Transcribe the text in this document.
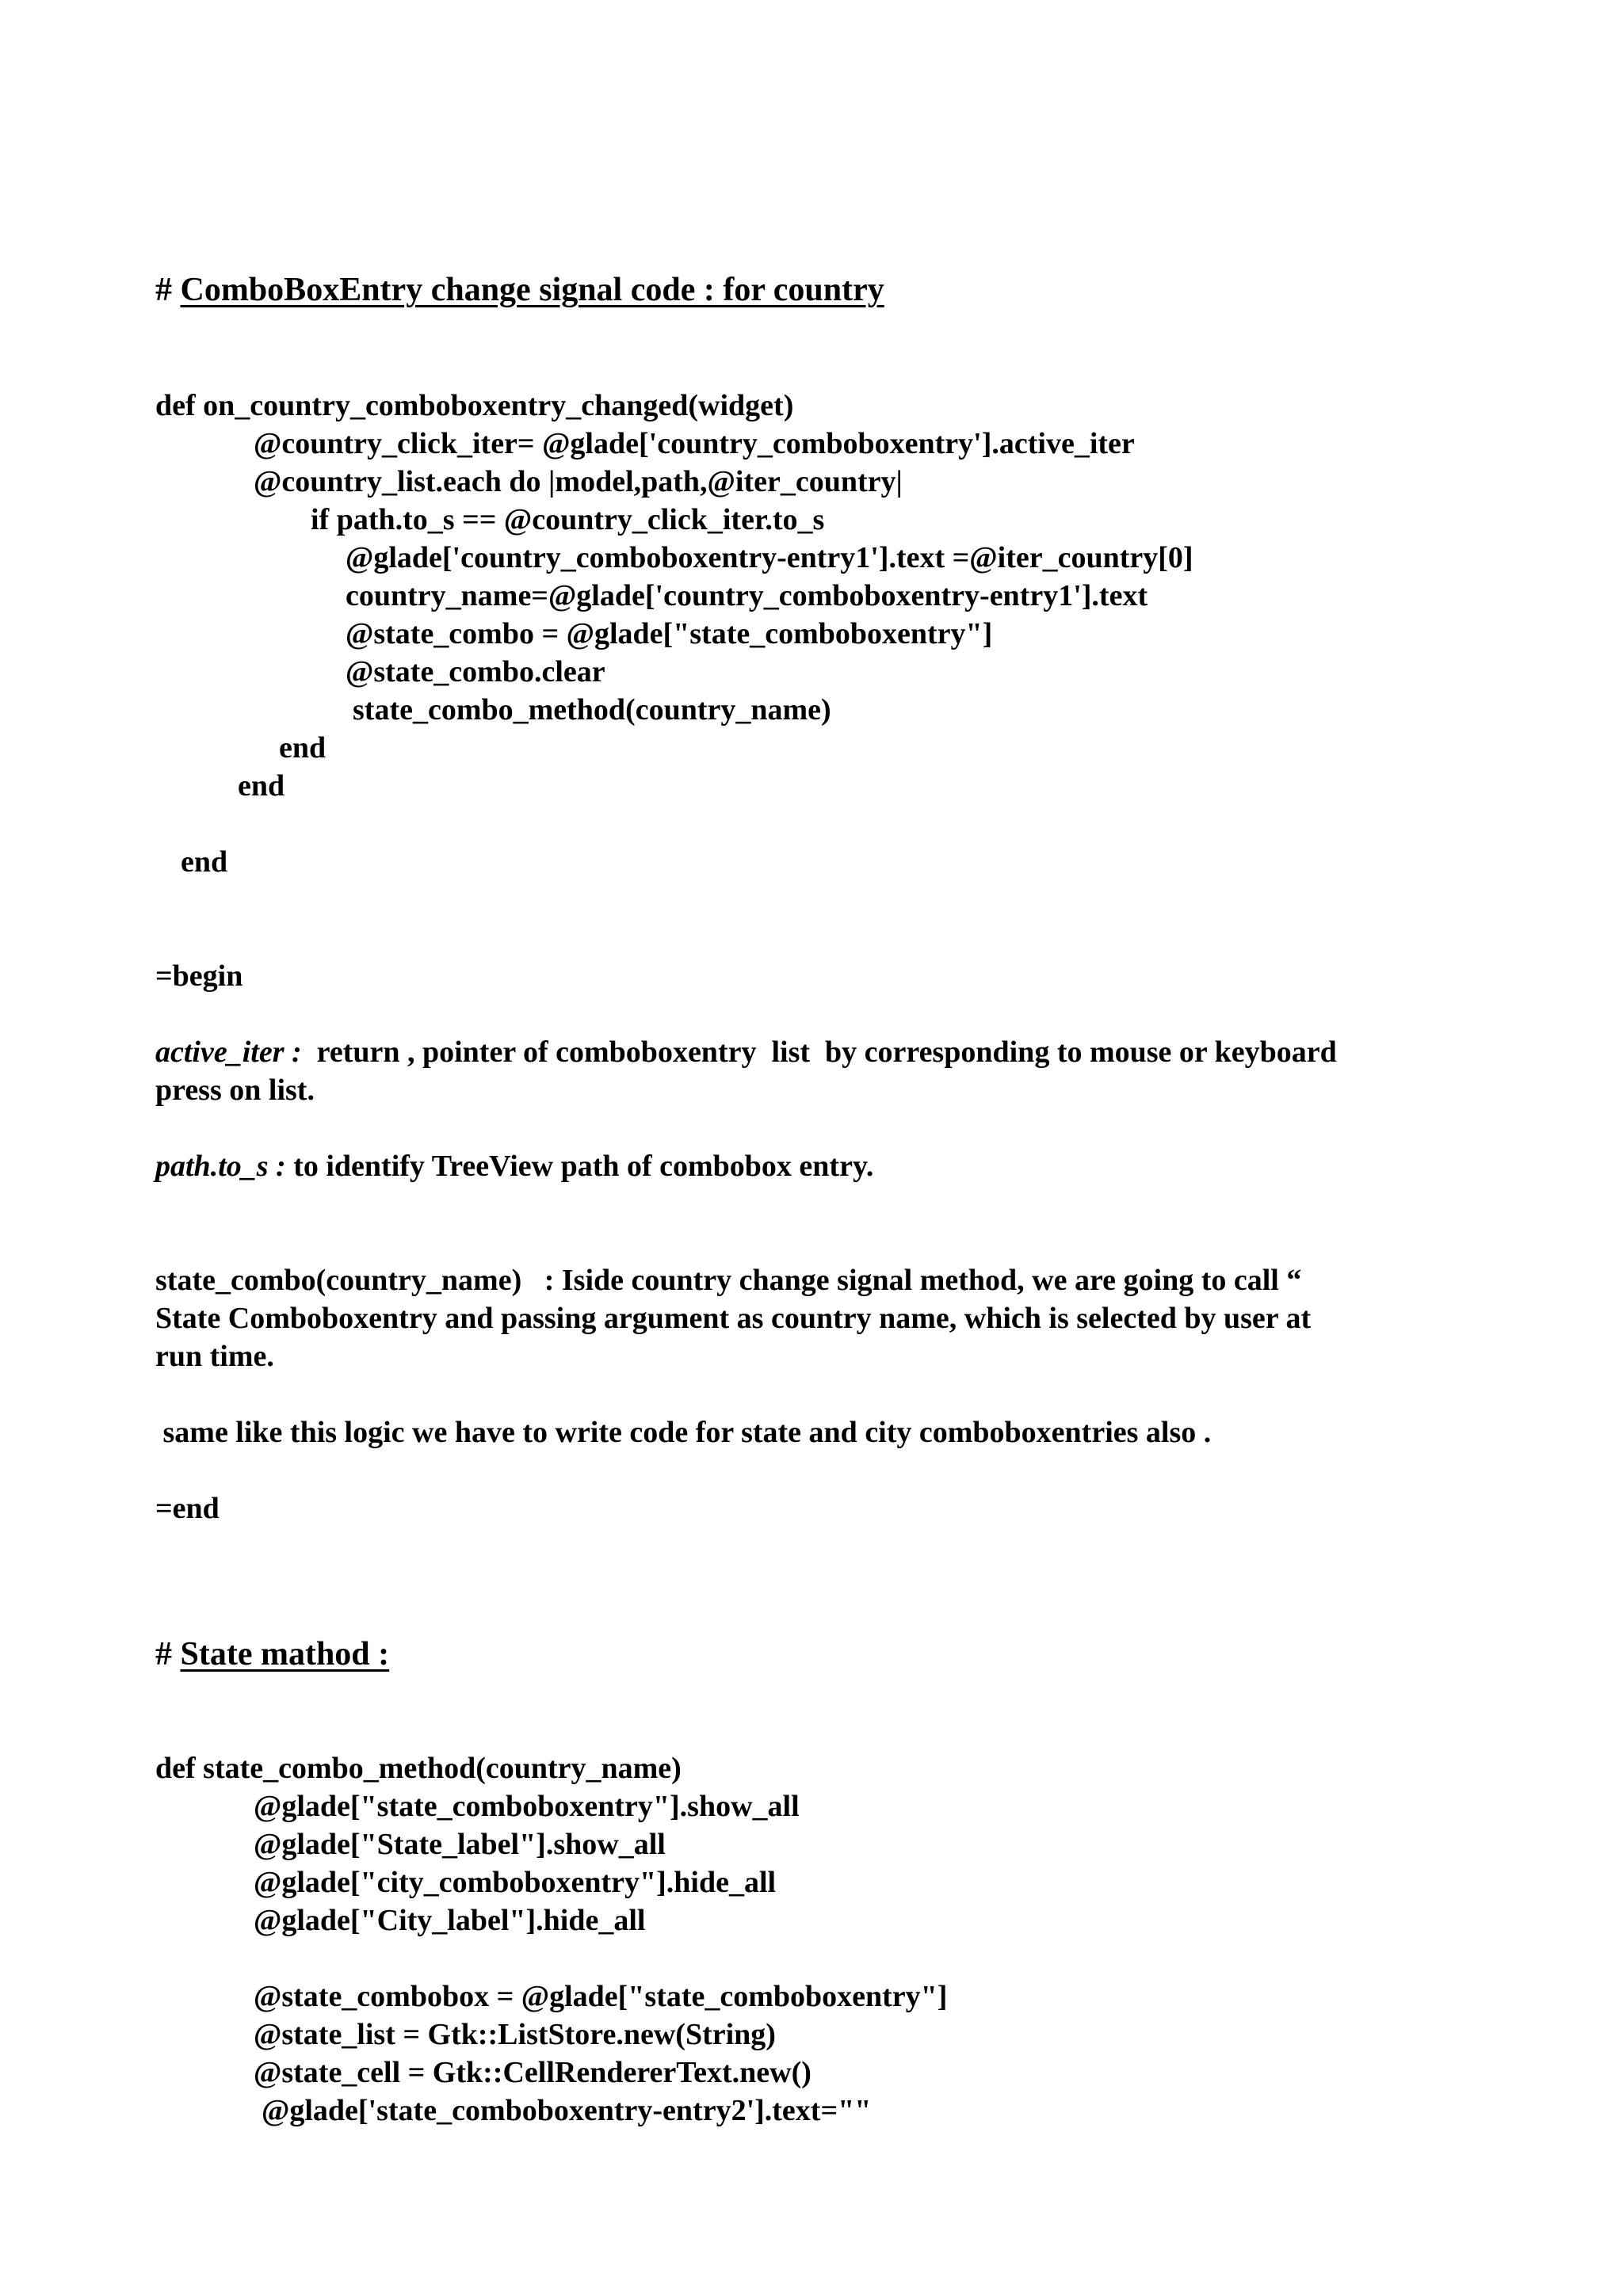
# ComboBoxEntry change signal code : for country
def on_country_comboboxentry_changed(widget)
@country_click_iter= @glade['country_comboboxentry'].active_iter
@country_list.each do |model,path,@iter_country|
if path.to_s == @country_click_iter.to_s
@glade['country_comboboxentry-entry1'].text =@iter_country[0]
country_name=@glade['country_comboboxentry-entry1'].text
@state_combo = @glade["state_comboboxentry"]
@state_combo.clear
state_combo_method(country_name)
end
end
end
=begin
active_iter :  return , pointer of comboboxentry  list  by corresponding to mouse or keyboard
press on list.
path.to_s : to identify TreeView path of combobox entry.
state_combo(country_name)   : Iside country change signal method, we are going to call “
State Comboboxentry and passing argument as country name, which is selected by user at
run time.
same like this logic we have to write code for state and city comboboxentries also .
=end
# State mathod :
def state_combo_method(country_name)
@glade["state_comboboxentry"].show_all
@glade["State_label"].show_all
@glade["city_comboboxentry"].hide_all
@glade["City_label"].hide_all
@state_combobox = @glade["state_comboboxentry"]
@state_list = Gtk::ListStore.new(String)
@state_cell = Gtk::CellRendererText.new()
@glade['state_comboboxentry-entry2'].text=""
